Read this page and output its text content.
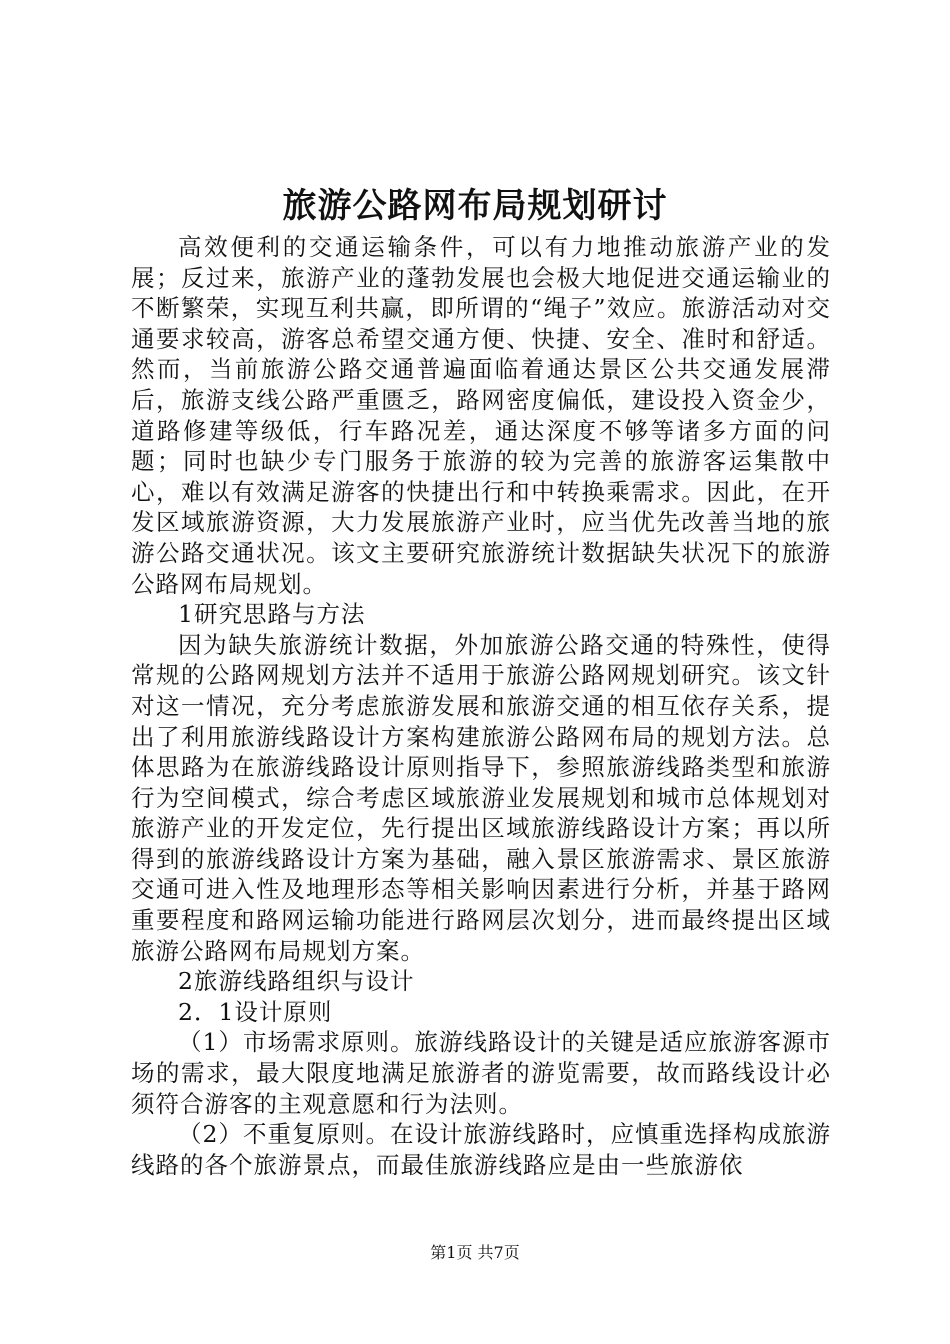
旅游公路网布局规划研讨

高效便利的交通运输条件，可以有力地推动旅游产业的发展；反过来，旅游产业的蓬勃发展也会极大地促进交通运输业的不断繁荣，实现互利共赢，即所谓的“绳子”效应。旅游活动对交通要求较高，游客总希望交通方便、快捷、安全、准时和舒适。然而，当前旅游公路交通普遍面临着通达景区公共交通发展滞后，旅游支线公路严重匮乏，路网密度偏低，建设投入资金少，道路修建等级低，行车路况差，通达深度不够等诸多方面的问题；同时也缺少专门服务于旅游的较为完善的旅游客运集散中心，难以有效满足游客的快捷出行和中转换乘需求。因此，在开发区域旅游资源，大力发展旅游产业时，应当优先改善当地的旅游公路交通状况。该文主要研究旅游统计数据缺失状况下的旅游公路网布局规划。

1研究思路与方法

因为缺失旅游统计数据，外加旅游公路交通的特殊性，使得常规的公路网规划方法并不适用于旅游公路网规划研究。该文针对这一情况，充分考虑旅游发展和旅游交通的相互依存关系，提出了利用旅游线路设计方案构建旅游公路网布局的规划方法。总体思路为在旅游线路设计原则指导下，参照旅游线路类型和旅游行为空间模式，综合考虑区域旅游业发展规划和城市总体规划对旅游产业的开发定位，先行提出区域旅游线路设计方案；再以所得到的旅游线路设计方案为基础，融入景区旅游需求、景区旅游交通可进入性及地理形态等相关影响因素进行分析，并基于路网重要程度和路网运输功能进行路网层次划分，进而最终提出区域旅游公路网布局规划方案。

2旅游线路组织与设计

2．1设计原则

（1）市场需求原则。旅游线路设计的关键是适应旅游客源市场的需求，最大限度地满足旅游者的游览需要，故而路线设计必须符合游客的主观意愿和行为法则。

（2）不重复原则。在设计旅游线路时，应慎重选择构成旅游线路的各个旅游景点，而最佳旅游线路应是由一些旅游依

第1页 共7页
